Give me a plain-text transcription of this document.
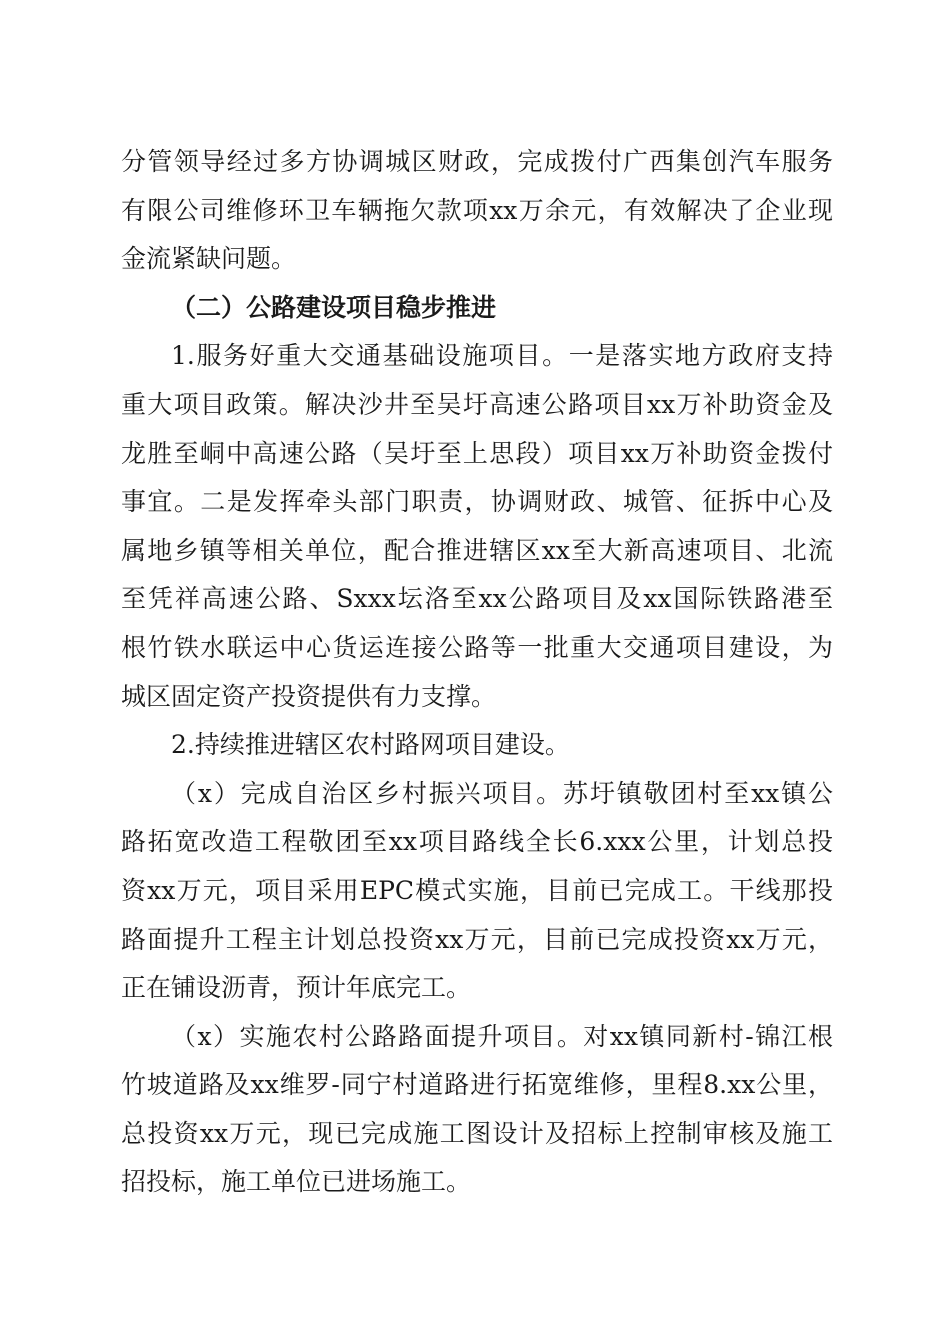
分管领导经过多方协调城区财政，完成拨付广西集创汽车服务
有限公司维修环卫车辆拖欠款项xx万余元，有效解决了企业现
金流紧缺问题。
（二）公路建设项目稳步推进
1.服务好重大交通基础设施项目。一是落实地方政府支持
重大项目政策。解决沙井至吴圩高速公路项目xx万补助资金及
龙胜至峒中高速公路（吴圩至上思段）项目xx万补助资金拨付
事宜。二是发挥牵头部门职责，协调财政、城管、征拆中心及
属地乡镇等相关单位，配合推进辖区xx至大新高速项目、北流
至凭祥高速公路、Sxxx坛洛至xx公路项目及xx国际铁路港至
根竹铁水联运中心货运连接公路等一批重大交通项目建设，为
城区固定资产投资提供有力支撑。
2.持续推进辖区农村路网项目建设。
（x）完成自治区乡村振兴项目。苏圩镇敬团村至xx镇公
路拓宽改造工程敬团至xx项目路线全长6.xxx公里，计划总投
资xx万元，项目采用EPC模式实施，目前已完成工。干线那投
路面提升工程主计划总投资xx万元，目前已完成投资xx万元，
正在铺设沥青，预计年底完工。
（x）实施农村公路路面提升项目。对xx镇同新村-锦江根
竹坡道路及xx维罗-同宁村道路进行拓宽维修，里程8.xx公里，
总投资xx万元，现已完成施工图设计及招标上控制审核及施工
招投标，施工单位已进场施工。
